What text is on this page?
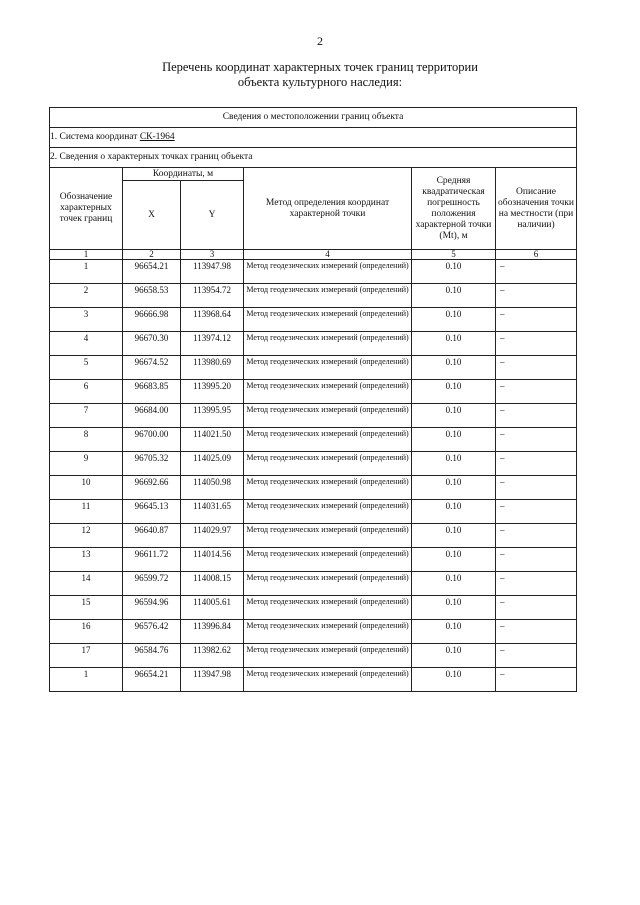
2
Перечень координат характерных точек границ территории
объекта культурного наследия:
Сведения о местоположении границ объекта					
1. Система координат СК-1964					
2. Сведения о характерных точках границ объекта					
Обозначение характерных точек границ	Координаты, м		Метод определения координат характерной точки	Средняя квадратическая погрешность положения характерной точки (Mt), м	Описание обозначения точки на местности (при наличии)
	X	Y			
1	2	3	4	5	6
1	96654.21	113947.98	Метод геодезических измерений (определений)	0.10	–
2	96658.53	113954.72	Метод геодезических измерений (определений)	0.10	–
3	96666.98	113968.64	Метод геодезических измерений (определений)	0.10	–
4	96670.30	113974.12	Метод геодезических измерений (определений)	0.10	–
5	96674.52	113980.69	Метод геодезических измерений (определений)	0.10	–
6	96683.85	113995.20	Метод геодезических измерений (определений)	0.10	–
7	96684.00	113995.95	Метод геодезических измерений (определений)	0.10	–
8	96700.00	114021.50	Метод геодезических измерений (определений)	0.10	–
9	96705.32	114025.09	Метод геодезических измерений (определений)	0.10	–
10	96692.66	114050.98	Метод геодезических измерений (определений)	0.10	–
11	96645.13	114031.65	Метод геодезических измерений (определений)	0.10	–
12	96640.87	114029.97	Метод геодезических измерений (определений)	0.10	–
13	96611.72	114014.56	Метод геодезических измерений (определений)	0.10	–
14	96599.72	114008.15	Метод геодезических измерений (определений)	0.10	–
15	96594.96	114005.61	Метод геодезических измерений (определений)	0.10	–
16	96576.42	113996.84	Метод геодезических измерений (определений)	0.10	–
17	96584.76	113982.62	Метод геодезических измерений (определений)	0.10	–
1	96654.21	113947.98	Метод геодезических измерений (определений)	0.10	–
